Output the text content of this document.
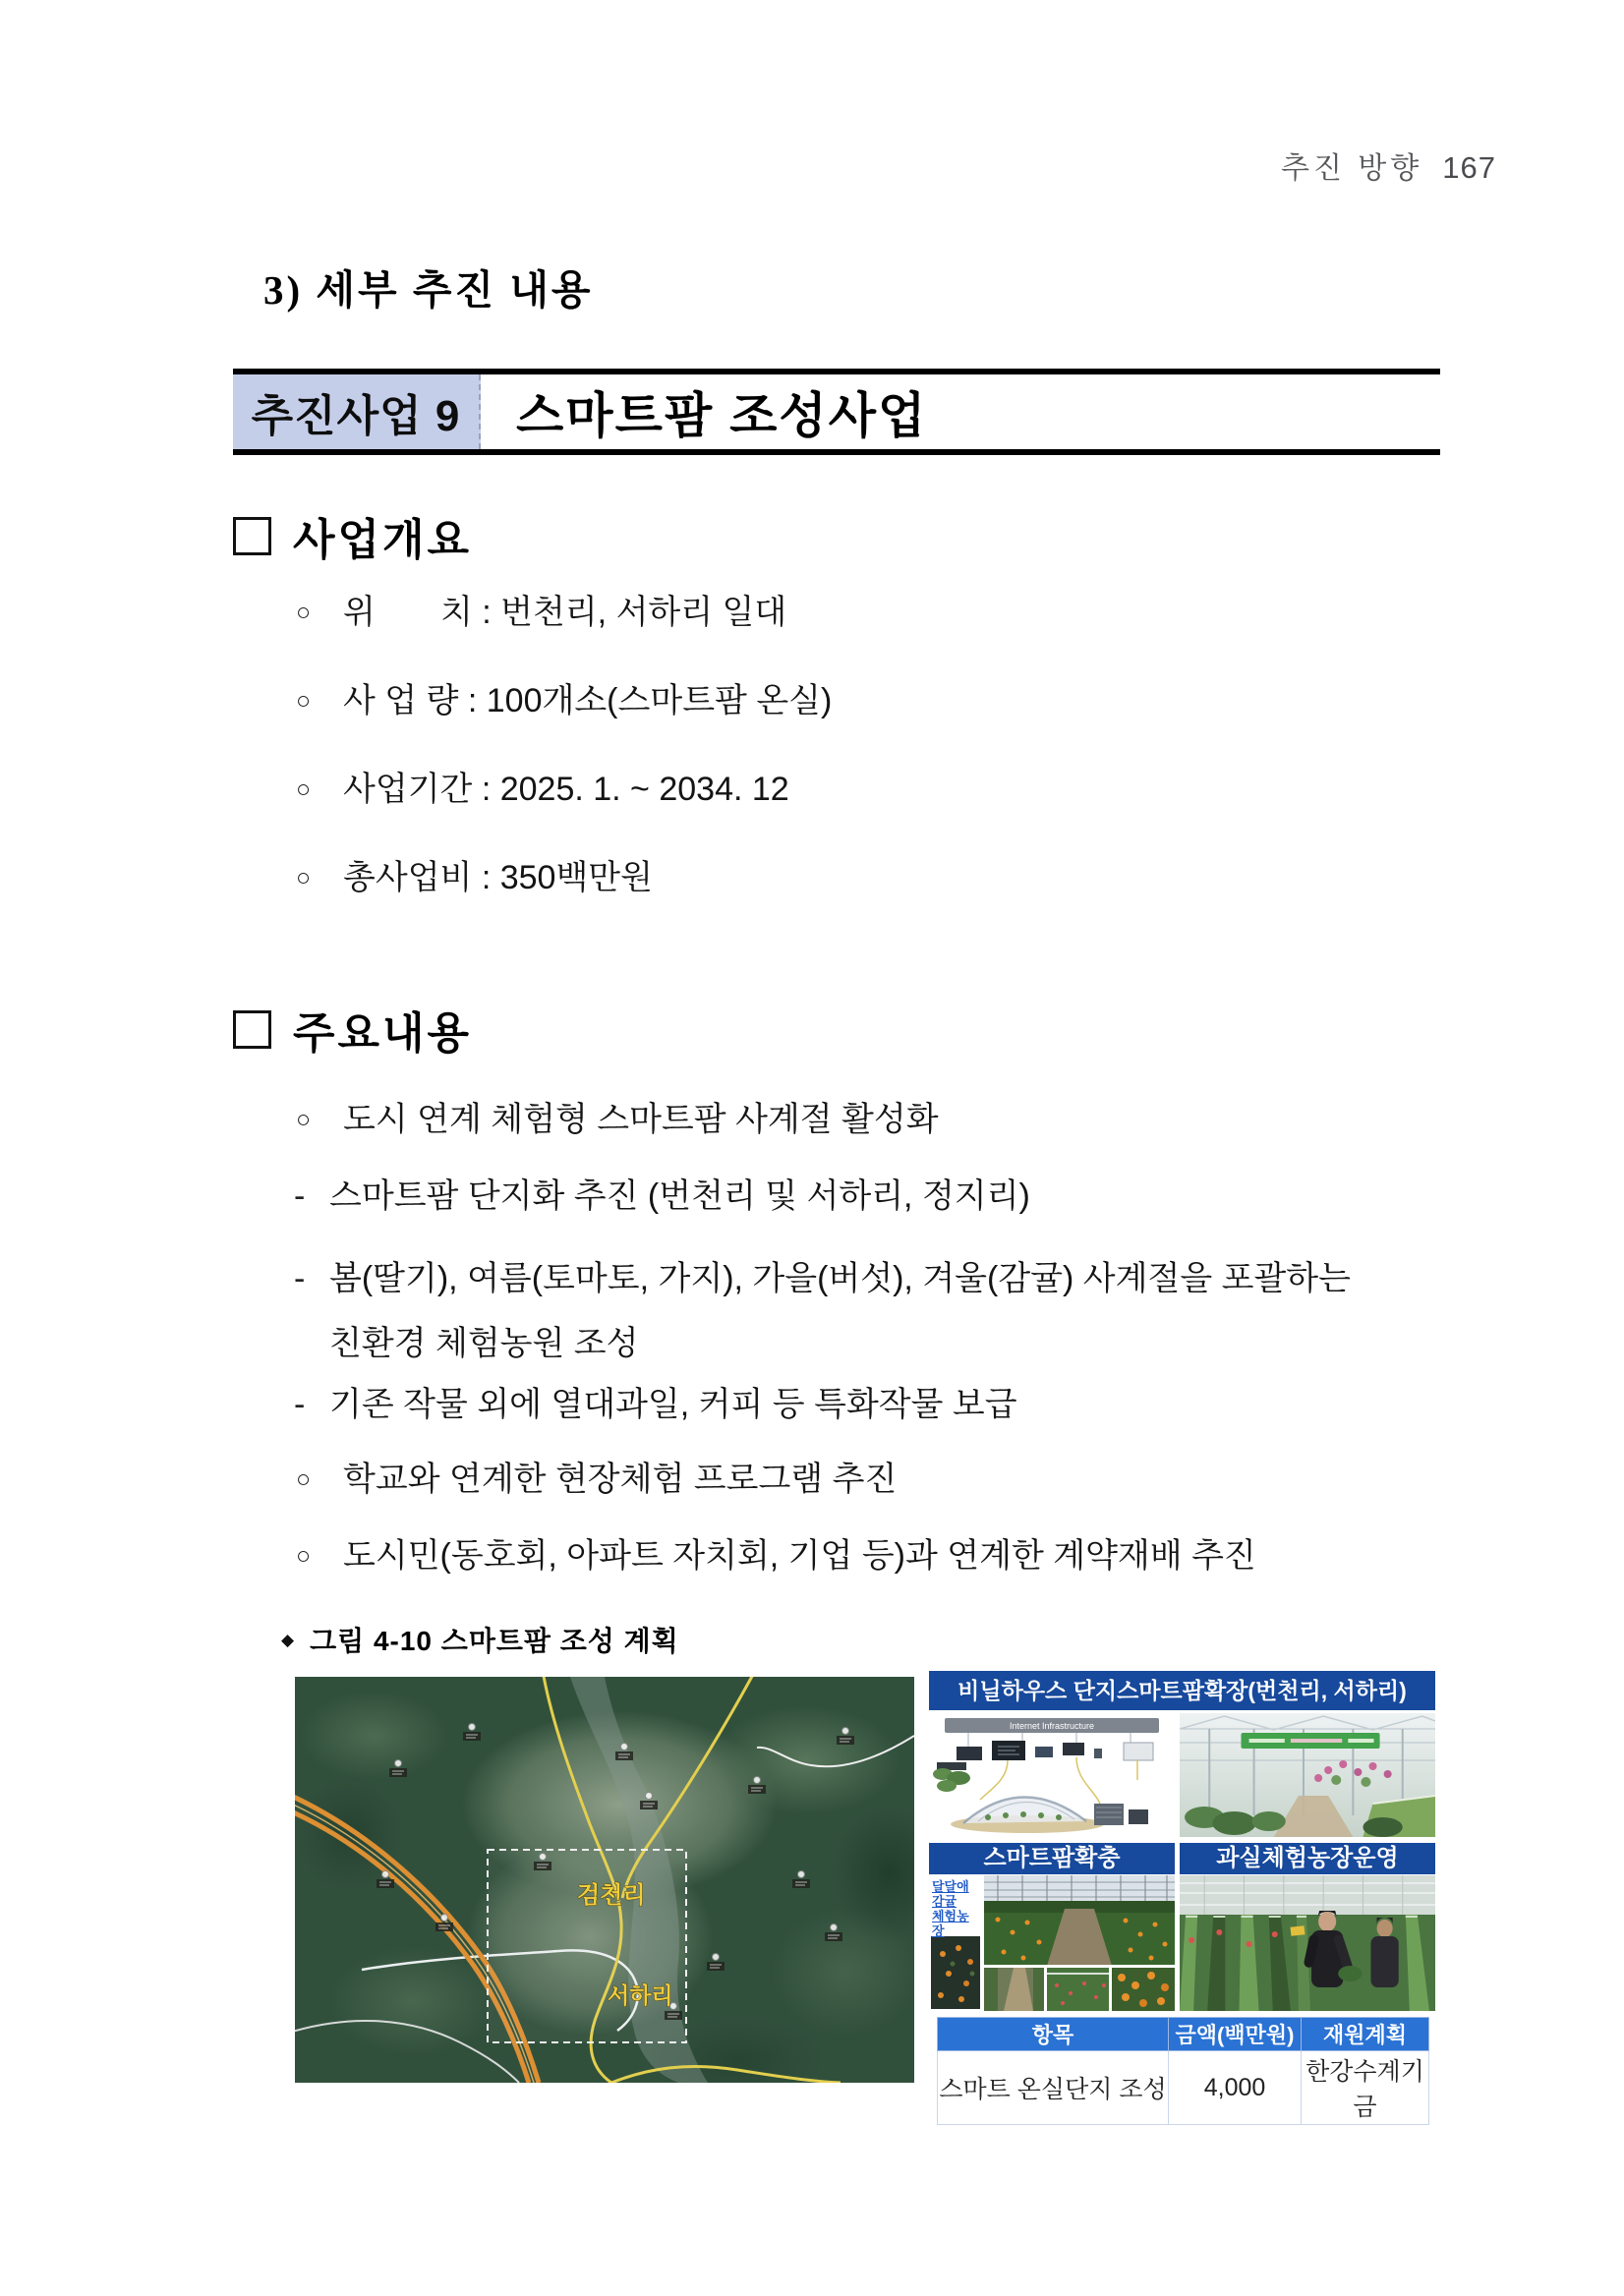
추진 방향 167
3) 세부 추진 내용
추진사업 9	스마트팜 조성사업
사업개요
○ 위       치 : 번천리, 서하리 일대
○ 사 업 량 : 100개소(스마트팜 온실)
○ 사업기간 : 2025. 1. ~ 2034. 12
○ 총사업비 : 350백만원
주요내용
○ 도시 연계 체험형 스마트팜 사계절 활성화
- 스마트팜 단지화 추진 (번천리 및 서하리, 정지리)
- 봄(딸기), 여름(토마토, 가지), 가을(버섯), 겨울(감귤) 사계절을 포괄하는 친환경 체험농원 조성
- 기존 작물 외에 열대과일, 커피 등 특화작물 보급
○ 학교와 연계한 현장체험 프로그램 추진
○ 도시민(동호회, 아파트 자치회, 기업 등)과 연계한 계약재배 추진
◆ 그림 4-10 스마트팜 조성 계획
검천리
서하리
비닐하우스 단지스마트팜확장(번천리, 서하리)
Internet Infrastructure
스마트팜확충	과실체험농장운영
달달애감귤
체험농장
항목	금액(백만원)	재원계획
스마트 온실단지 조성	4,000	한강수계기금
